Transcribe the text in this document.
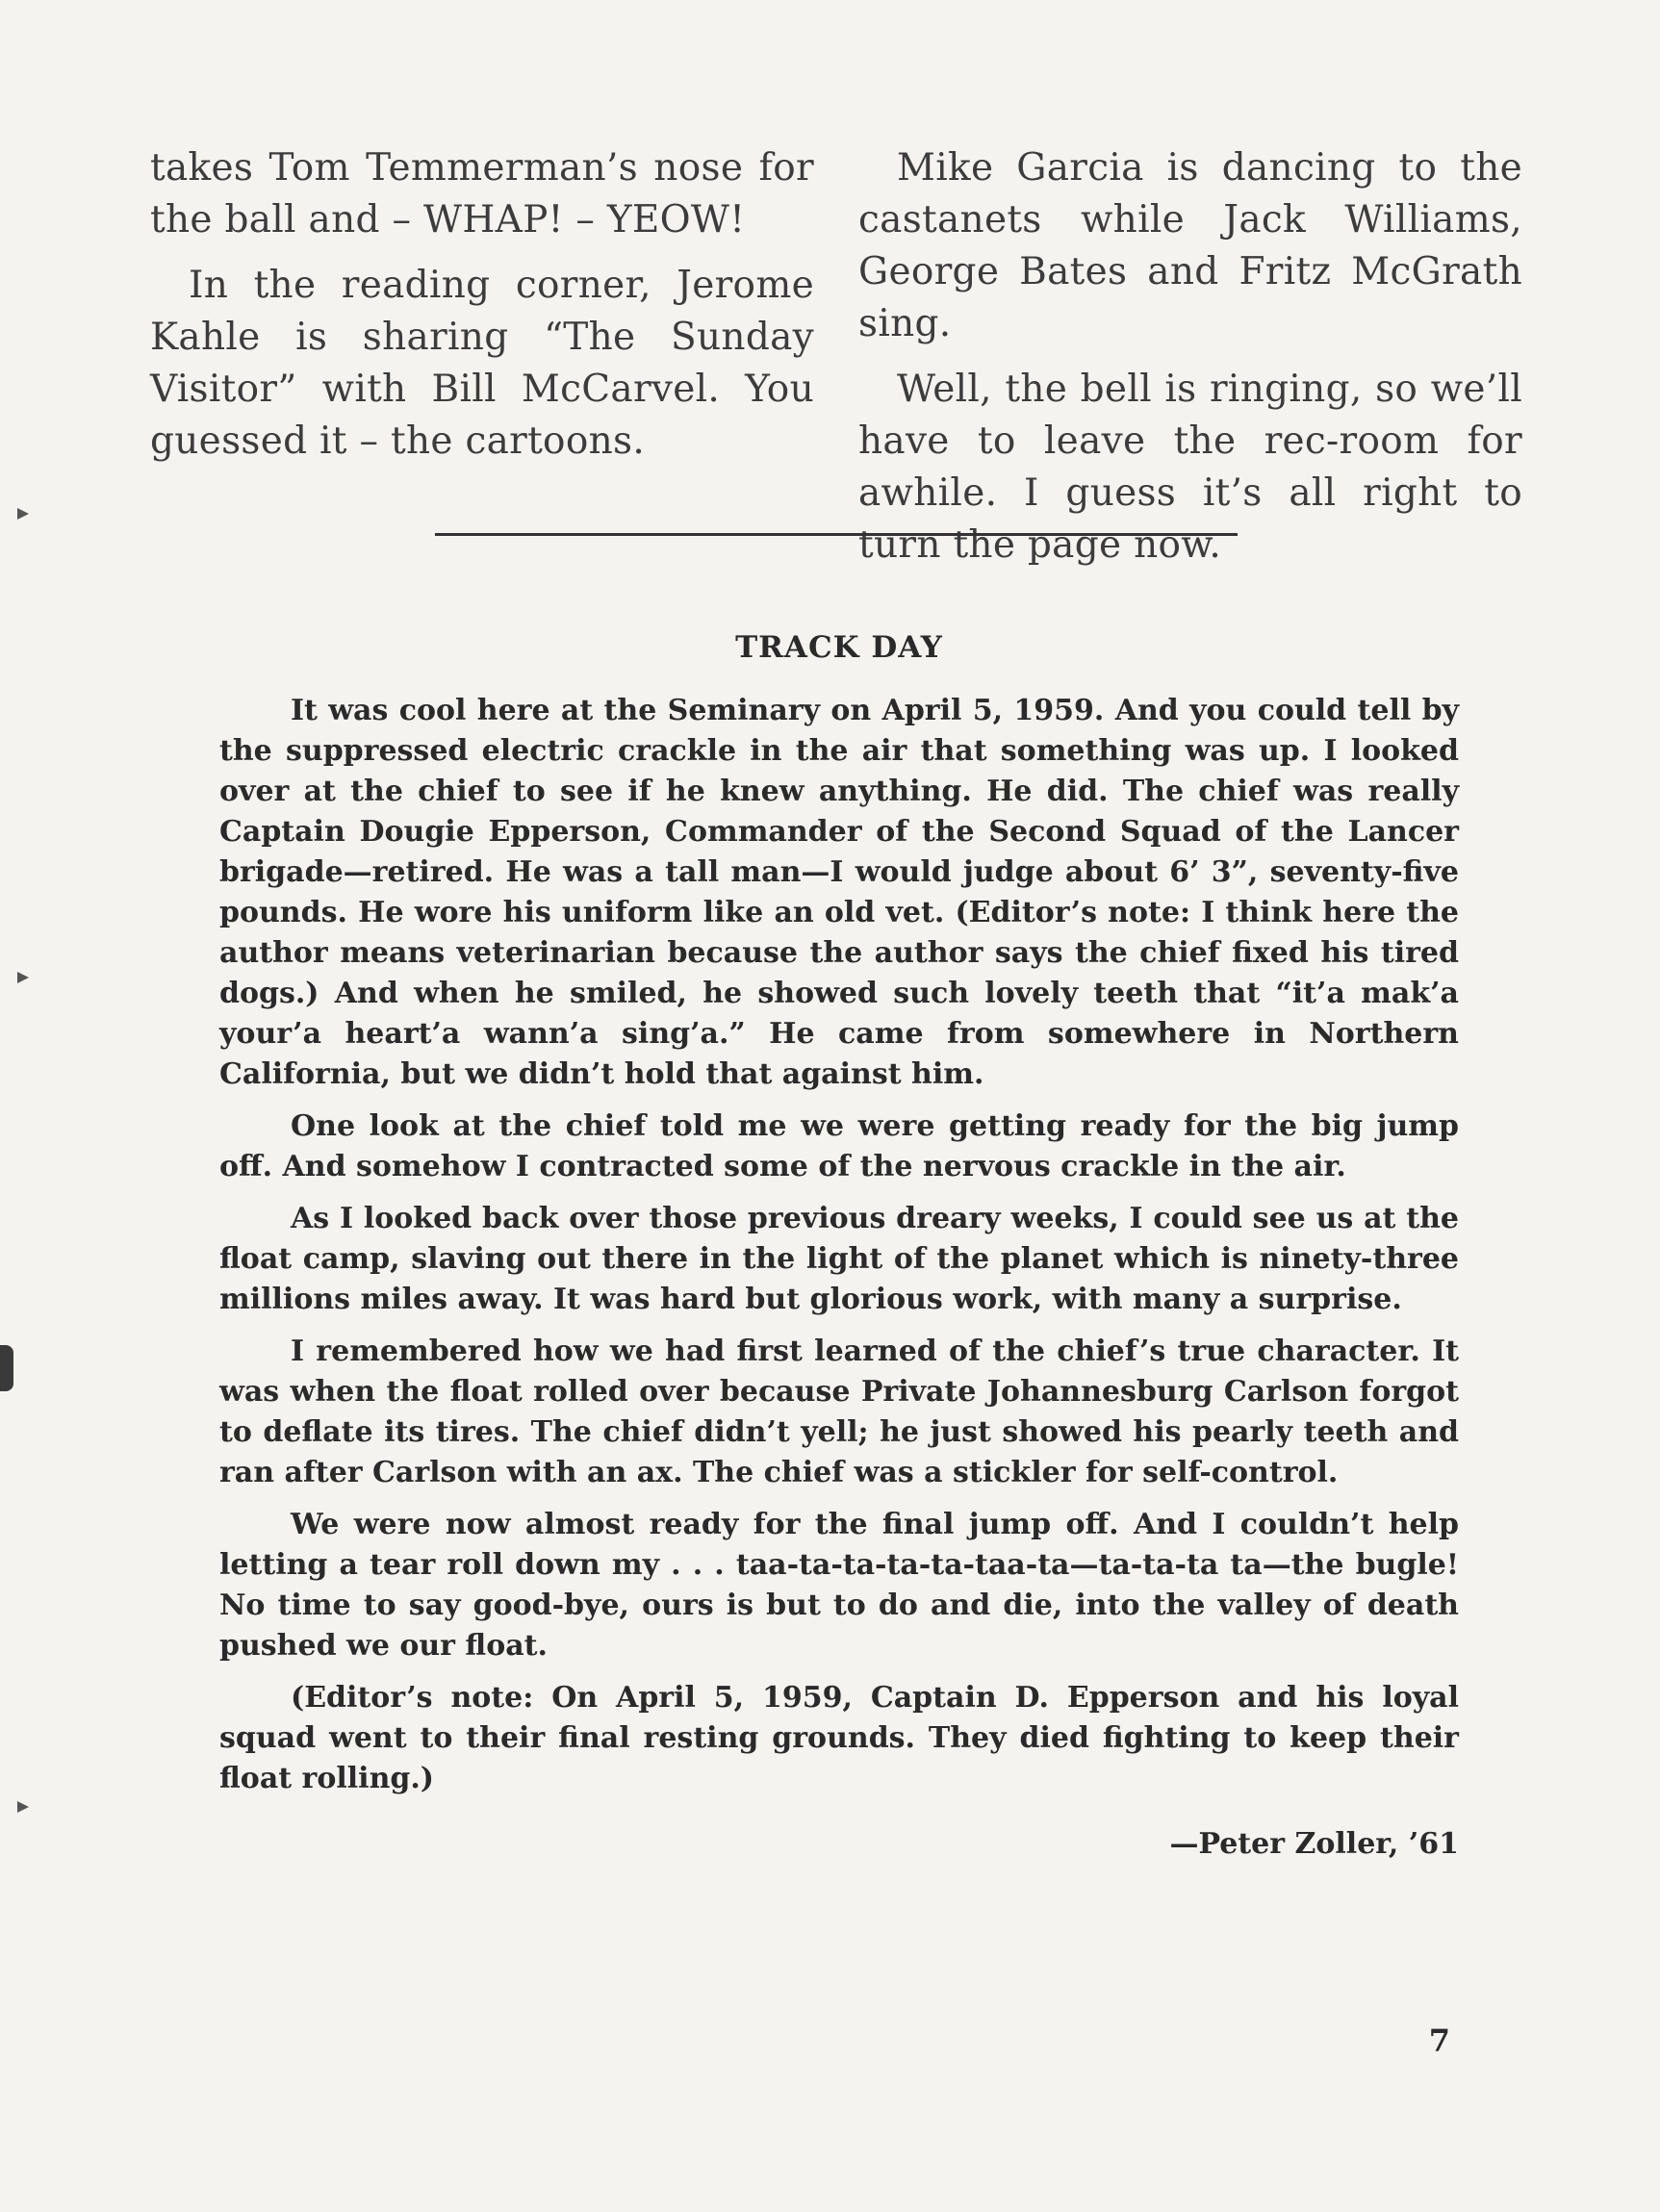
takes Tom Temmerman’s nose for the ball and – WHAP! – YEOW!

In the reading corner, Jerome Kahle is sharing “The Sunday Visitor” with Bill McCarvel. You guessed it – the cartoons.

Mike Garcia is dancing to the castanets while Jack Williams, George Bates and Fritz McGrath sing.

Well, the bell is ringing, so we’ll have to leave the rec-room for awhile. I guess it’s all right to turn the page now.

TRACK DAY

It was cool here at the Seminary on April 5, 1959. And you could tell by the suppressed electric crackle in the air that something was up. I looked over at the chief to see if he knew anything. He did. The chief was really Captain Dougie Epperson, Commander of the Second Squad of the Lancer brigade—retired. He was a tall man—I would judge about 6’ 3”, seventy-five pounds. He wore his uniform like an old vet. (Editor’s note: I think here the author means veterinarian because the author says the chief fixed his tired dogs.) And when he smiled, he showed such lovely teeth that “it’a mak’a your’a heart’a wann’a sing’a.” He came from somewhere in Northern California, but we didn’t hold that against him.

One look at the chief told me we were getting ready for the big jump off. And somehow I contracted some of the nervous crackle in the air.

As I looked back over those previous dreary weeks, I could see us at the float camp, slaving out there in the light of the planet which is ninety-three millions miles away. It was hard but glorious work, with many a surprise.

I remembered how we had first learned of the chief’s true character. It was when the float rolled over because Private Johannesburg Carlson forgot to deflate its tires. The chief didn’t yell; he just showed his pearly teeth and ran after Carlson with an ax. The chief was a stickler for self-control.

We were now almost ready for the final jump off. And I couldn’t help letting a tear roll down my . . . taa-ta-ta-ta-ta-taa-ta—ta-ta-ta ta—the bugle! No time to say good-bye, ours is but to do and die, into the valley of death pushed we our float.

(Editor’s note: On April 5, 1959, Captain D. Epperson and his loyal squad went to their final resting grounds. They died fighting to keep their float rolling.)

—Peter Zoller, ’61

7
